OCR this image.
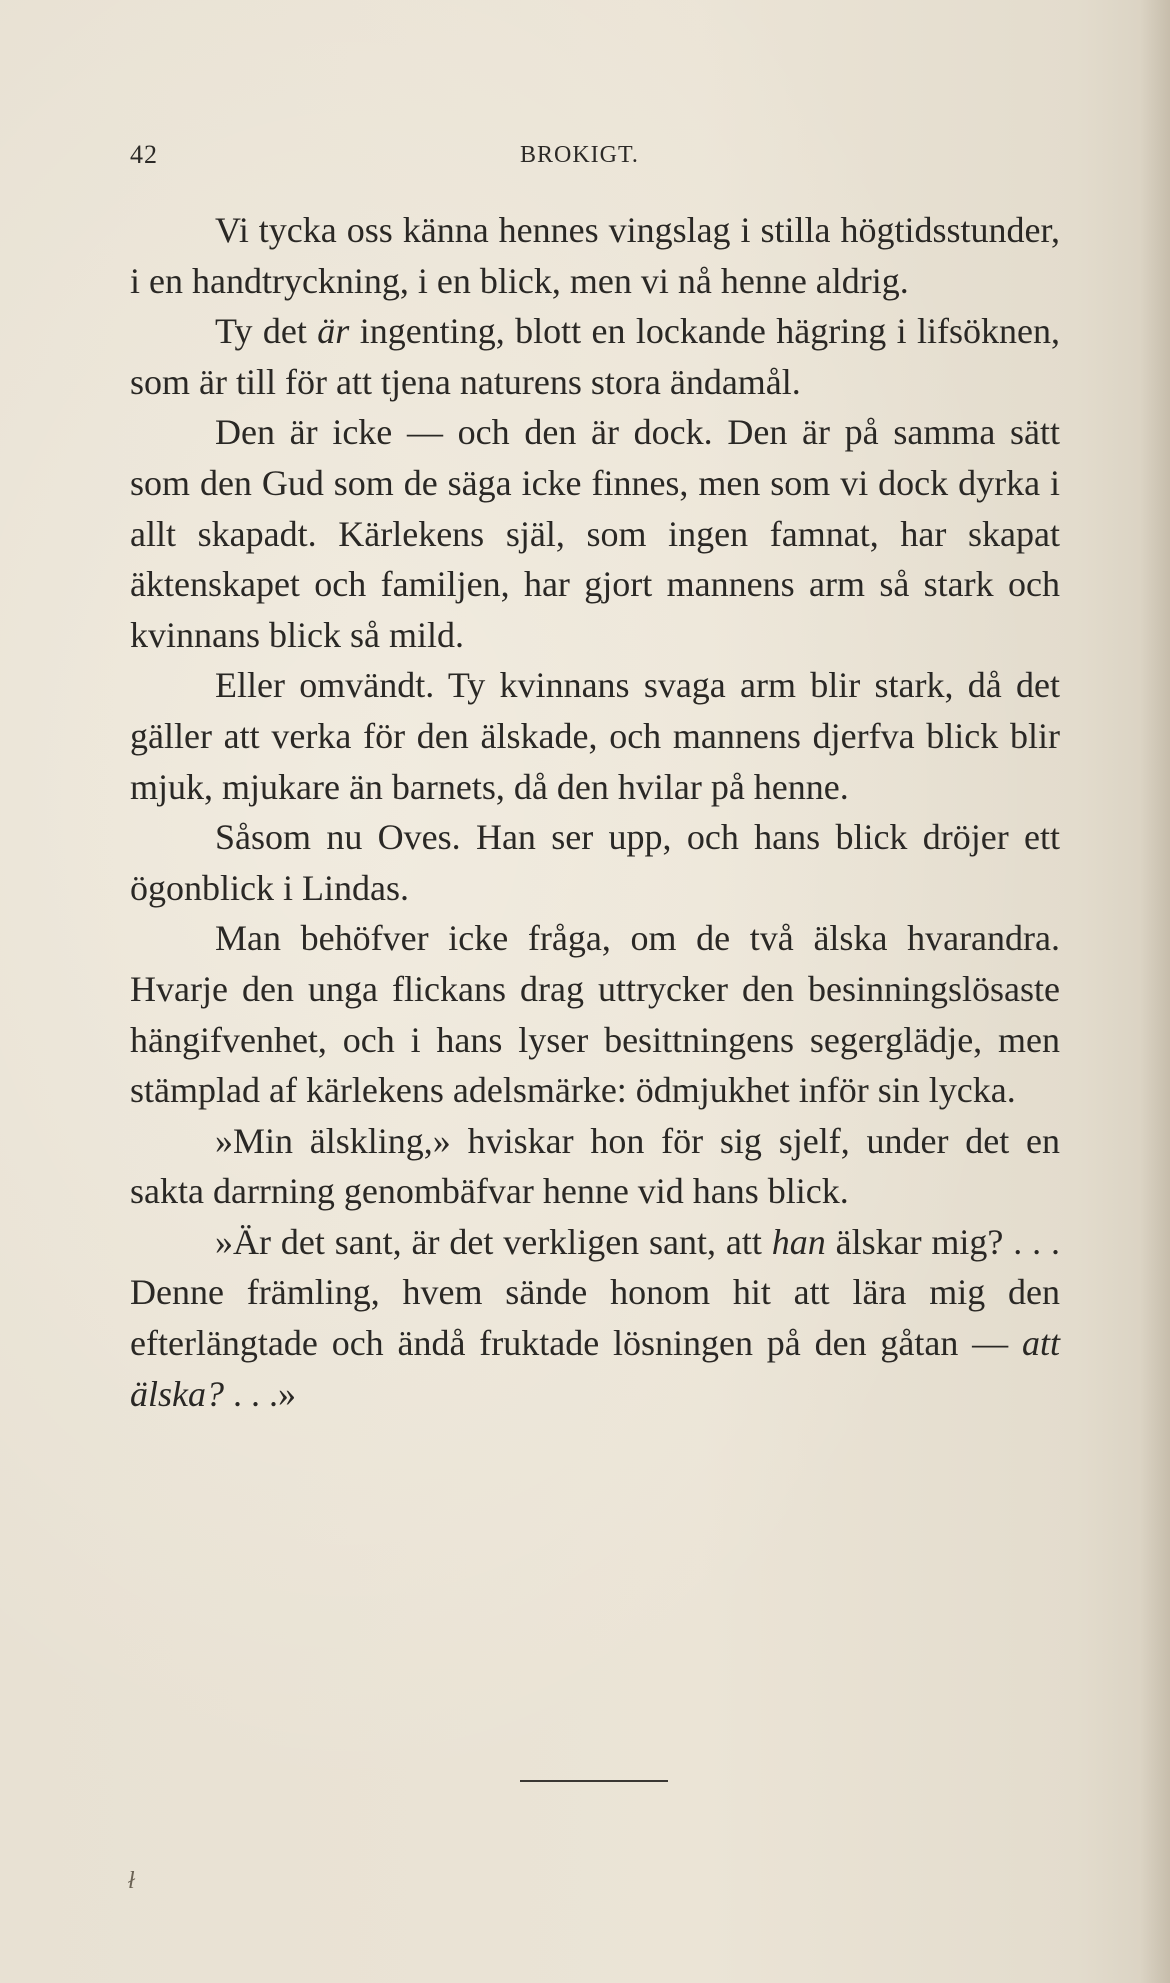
42	BROKIGT.

Vi tycka oss känna hennes vingslag i stilla högtidsstunder, i en handtryckning, i en blick, men vi nå henne aldrig.

Ty det är ingenting, blott en lockande hägring i lifsöknen, som är till för att tjena naturens stora ändamål.

Den är icke — och den är dock. Den är på samma sätt som den Gud som de säga icke finnes, men som vi dock dyrka i allt skapadt. Kärlekens själ, som ingen famnat, har skapat äktenskapet och familjen, har gjort mannens arm så stark och kvinnans blick så mild.

Eller omvändt. Ty kvinnans svaga arm blir stark, då det gäller att verka för den älskade, och mannens djerfva blick blir mjuk, mjukare än barnets, då den hvilar på henne.

Såsom nu Oves. Han ser upp, och hans blick dröjer ett ögonblick i Lindas.

Man behöfver icke fråga, om de två älska hvarandra. Hvarje den unga flickans drag uttrycker den besinningslösaste hängifvenhet, och i hans lyser besittningens segerglädje, men stämplad af kärlekens adelsmärke: ödmjukhet inför sin lycka.

»Min älskling,» hviskar hon för sig sjelf, under det en sakta darrning genombäfvar henne vid hans blick.

»Är det sant, är det verkligen sant, att han älskar mig? . . . Denne främling, hvem sände honom hit att lära mig den efterlängtade och ändå fruktade lösningen på den gåtan — att älska? . . .»

ł
